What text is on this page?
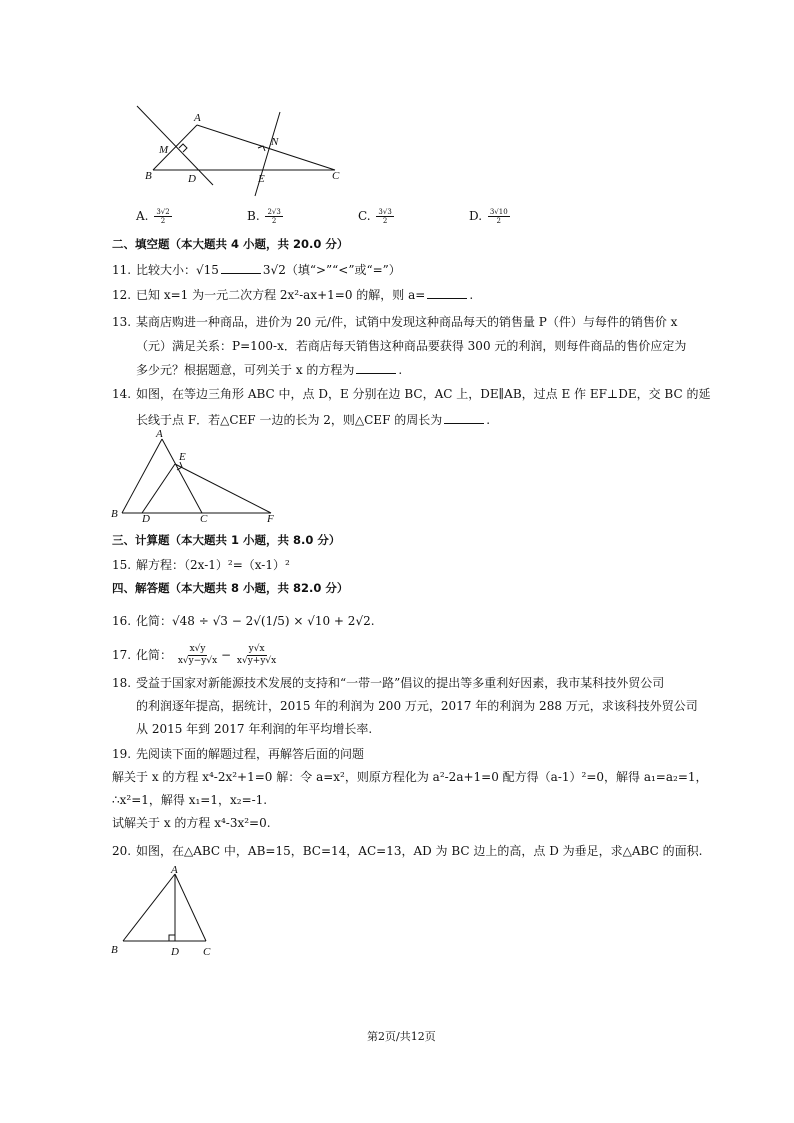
A
M
N
B	D	E	C
A. $\frac{3√2}{2}$	B. $\frac{2√3}{2}$	C. $\frac{3√3}{2}$	D. $\frac{3√10}{2}$
二、填空题（本大题共 4 小题，共 20.0 分）
11. 比较大小：√15	3√2（填“>”“<”或“=”）
12. 已知 x=1 为一元二次方程 2x²-ax+1=0 的解，则 a=	.
13. 某商店购进一种商品，进价为 20 元/件，试销中发现这种商品每天的销售量 P（件）与每件的销售价 x
（元）满足关系：P=100-x．若商店每天销售这种商品要获得 300 元的利润，则每件商品的售价应定为
多少元？根据题意，可列关于 x 的方程为	.
14. 如图，在等边三角形 ABC 中，点 D，E 分别在边 BC，AC 上，DE∥AB，过点 E 作 EF⊥DE，交 BC 的延
长线于点 F．若△CEF 一边的长为 2，则△CEF 的周长为	.
A
E
B D	C	F
三、计算题（本大题共 1 小题，共 8.0 分）
15. 解方程：（2x-1）²=（x-1）²
四、解答题（本大题共 8 小题，共 82.0 分）
16. 化简：√48 ÷ √3 − 2√(1/5) × √10 + 2√2.
17. 化简： $\frac{x√y}{x√y-y√x} - \frac{y√x}{x√y+y√x}$
18. 受益于国家对新能源技术发展的支持和“一带一路”倡议的提出等多重利好因素，我市某科技外贸公司
的利润逐年提高，据统计，2015 年的利润为 200 万元，2017 年的利润为 288 万元，求该科技外贸公司
从 2015 年到 2017 年利润的年平均增长率.
19. 先阅读下面的解题过程，再解答后面的问题
解关于 x 的方程 x⁴-2x²+1=0 解：令 a=x²，则原方程化为 a²-2a+1=0 配方得（a-1）²=0，解得 a₁=a₂=1，
∴x²=1，解得 x₁=1，x₂=-1.
试解关于 x 的方程 x⁴-3x²=0.
20. 如图，在△ABC 中，AB=15，BC=14，AC=13，AD 为 BC 边上的高，点 D 为垂足，求△ABC 的面积.
A
B	D C
第2页/共12页
